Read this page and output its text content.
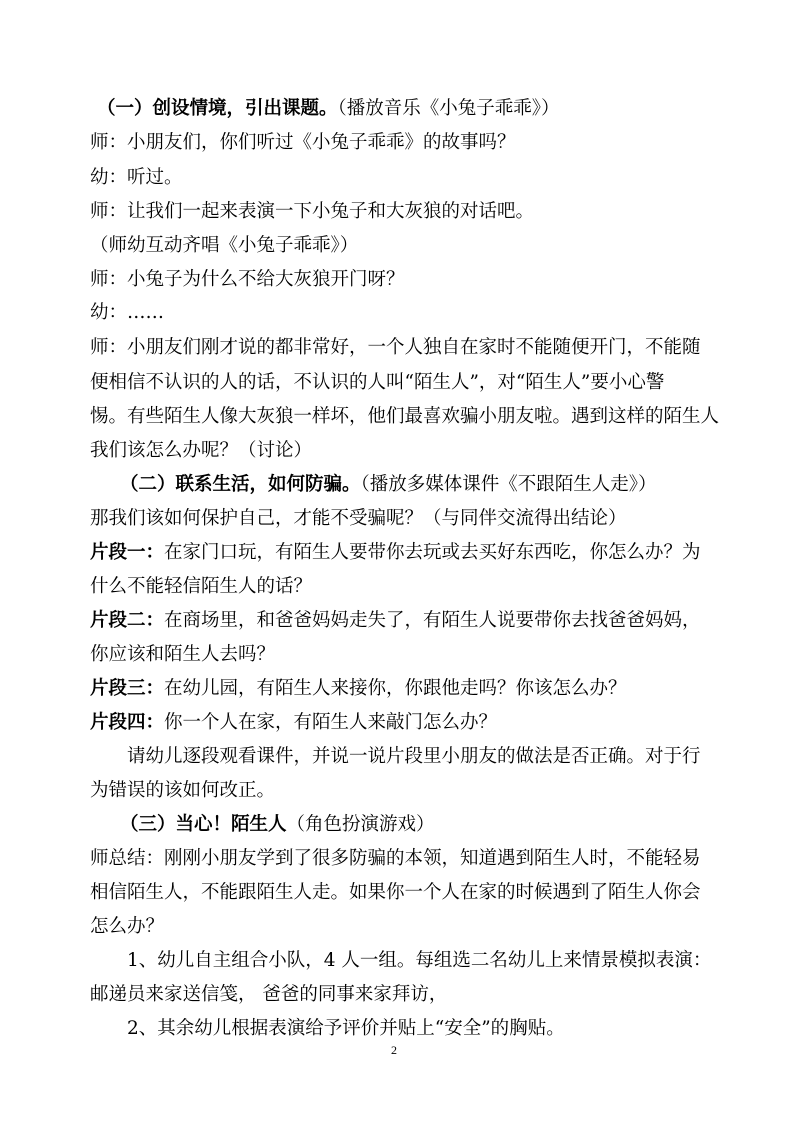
（一）创设情境，引出课题。（播放音乐《小兔子乖乖》）
师：小朋友们，你们听过《小兔子乖乖》的故事吗？
幼：听过。
师：让我们一起来表演一下小兔子和大灰狼的对话吧。
（师幼互动齐唱《小兔子乖乖》）
师：小兔子为什么不给大灰狼开门呀？
幼：……
师：小朋友们刚才说的都非常好，一个人独自在家时不能随便开门，不能随
便相信不认识的人的话，不认识的人叫“陌生人”，对“陌生人”要小心警
惕。有些陌生人像大灰狼一样坏，他们最喜欢骗小朋友啦。遇到这样的陌生人
我们该怎么办呢？（讨论）
（二）联系生活，如何防骗。（播放多媒体课件《不跟陌生人走》）
那我们该如何保护自己，才能不受骗呢？（与同伴交流得出结论）
片段一：在家门口玩，有陌生人要带你去玩或去买好东西吃，你怎么办？为
什么不能轻信陌生人的话？
片段二：在商场里，和爸爸妈妈走失了，有陌生人说要带你去找爸爸妈妈，
你应该和陌生人去吗？
片段三：在幼儿园，有陌生人来接你，你跟他走吗？你该怎么办？
片段四：你一个人在家，有陌生人来敲门怎么办？
请幼儿逐段观看课件，并说一说片段里小朋友的做法是否正确。对于行
为错误的该如何改正。
（三）当心！陌生人（角色扮演游戏）
师总结：刚刚小朋友学到了很多防骗的本领，知道遇到陌生人时，不能轻易
相信陌生人，不能跟陌生人走。如果你一个人在家的时候遇到了陌生人你会
怎么办？
1、幼儿自主组合小队，4 人一组。每组选二名幼儿上来情景模拟表演：
邮递员来家送信笺， 爸爸的同事来家拜访，
2、其余幼儿根据表演给予评价并贴上“安全”的胸贴。
2
